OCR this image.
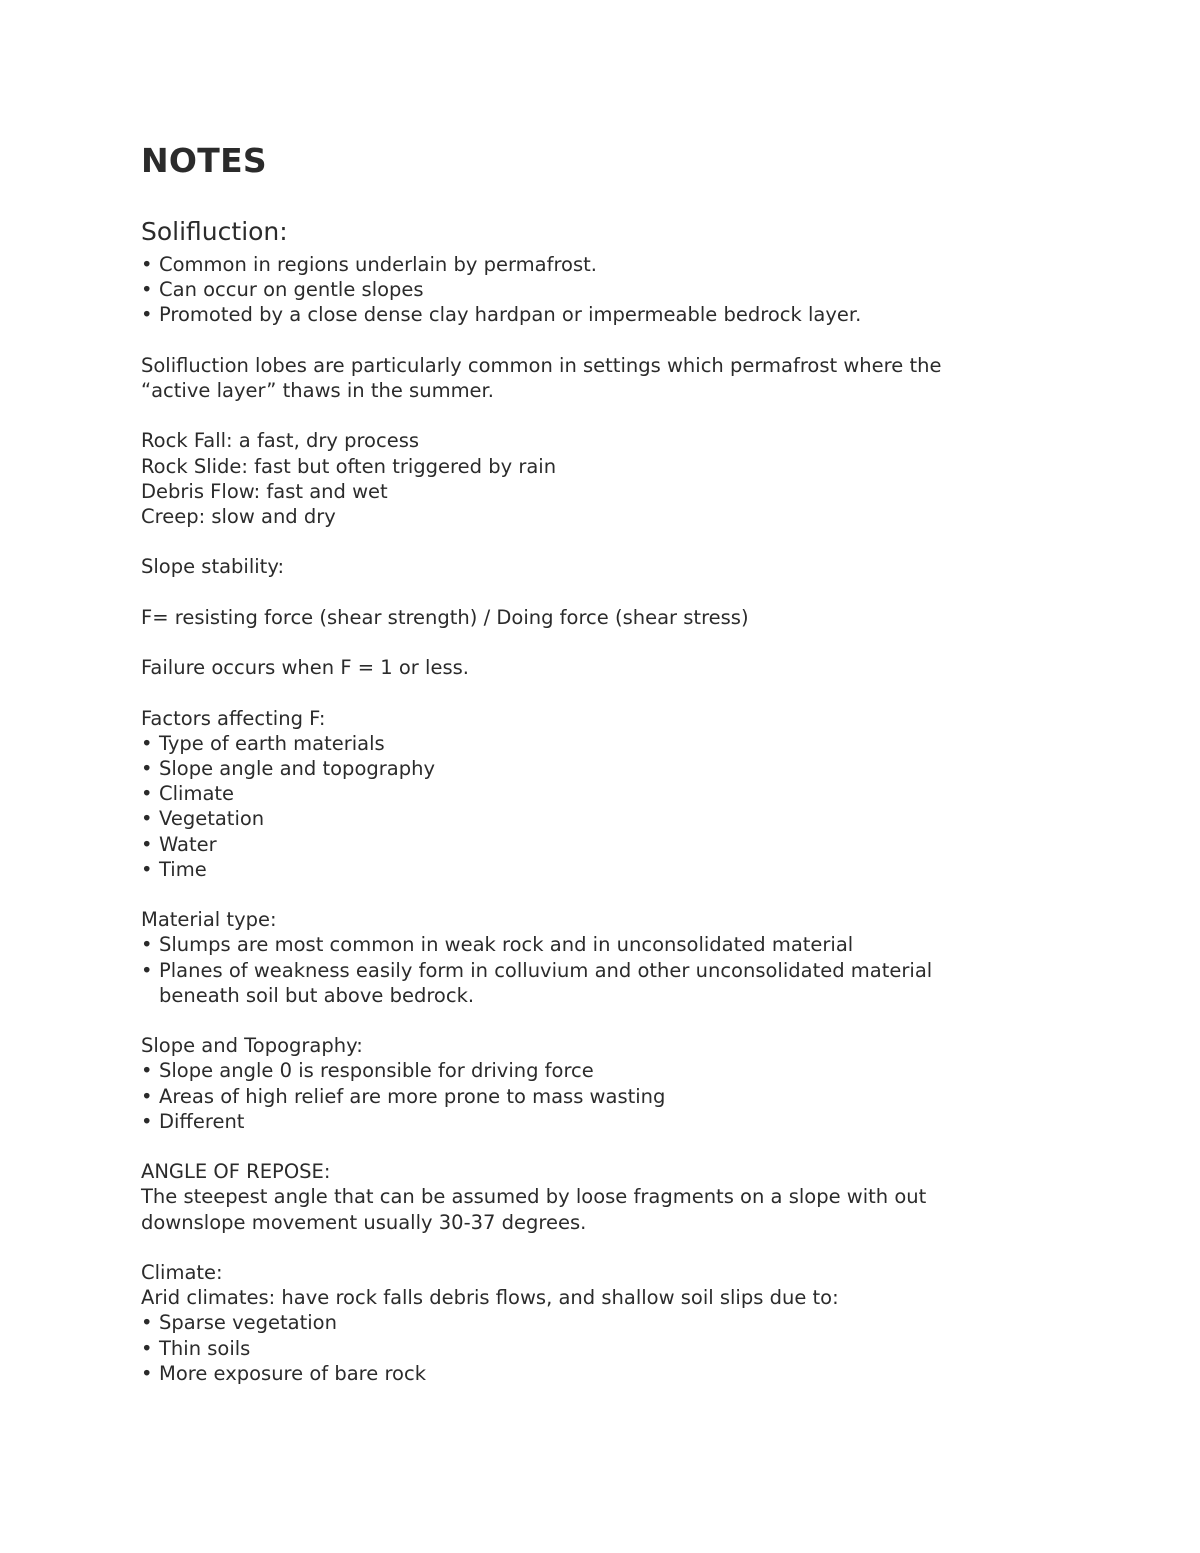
NOTES
Solifluction:

• Common in regions underlain by permafrost.

• Can occur on gentle slopes

• Promoted by a close dense clay hardpan or impermeable bedrock layer.

Solifluction lobes are particularly common in settings which permafrost where the

“active layer” thaws in the summer.

Rock Fall: a fast, dry process

Rock Slide: fast but often triggered by rain

Debris Flow: fast and wet

Creep: slow and dry

Slope stability:

F= resisting force (shear strength) / Doing force (shear stress)

Failure occurs when F = 1 or less.

Factors affecting F:

• Type of earth materials

• Slope angle and topography

• Climate

• Vegetation

• Water

• Time

Material type:

• Slumps are most common in weak rock and in unconsolidated material

• Planes of weakness easily form in colluvium and other unconsolidated material

beneath soil but above bedrock.

Slope and Topography:

• Slope angle 0 is responsible for driving force

• Areas of high relief are more prone to mass wasting

• Different

ANGLE OF REPOSE:

The steepest angle that can be assumed by loose fragments on a slope with out

downslope movement usually 30-37 degrees.

Climate:

Arid climates: have rock falls debris flows, and shallow soil slips due to:

• Sparse vegetation

• Thin soils

• More exposure of bare rock
